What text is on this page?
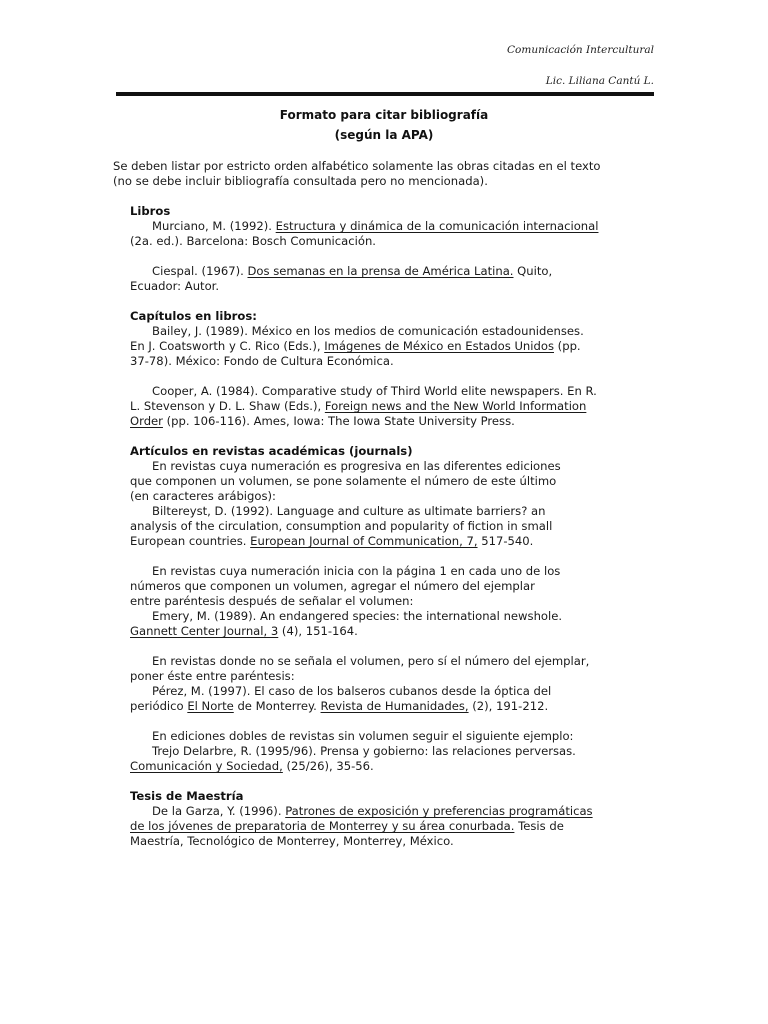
Comunicación Intercultural
Lic. Liliana Cantú L.
Formato para citar bibliografía
(según la APA)

Se deben listar por estricto orden alfabético solamente las obras citadas en el texto

(no se debe incluir bibliografía consultada pero no mencionada).

Libros

Murciano, M. (1992). Estructura y dinámica de la comunicación internacional

(2a. ed.). Barcelona: Bosch Comunicación.

Ciespal. (1967). Dos semanas en la prensa de América Latina. Quito,

Ecuador: Autor.

Capítulos en libros:

Bailey, J. (1989). México en los medios de comunicación estadounidenses.

En J. Coatsworth y C. Rico (Eds.), Imágenes de México en Estados Unidos (pp.

37-78). México: Fondo de Cultura Económica.

Cooper, A. (1984). Comparative study of Third World elite newspapers. En R.

L. Stevenson y D. L. Shaw (Eds.), Foreign news and the New World Information

Order (pp. 106-116). Ames, Iowa: The Iowa State University Press.

Artículos en revistas académicas (journals)

En revistas cuya numeración es progresiva en las diferentes ediciones

que componen un volumen, se pone solamente el número de este último

(en caracteres arábigos):

Biltereyst, D. (1992). Language and culture as ultimate barriers? an

analysis of the circulation, consumption and popularity of fiction in small

European countries. European Journal of Communication, 7, 517-540.

En revistas cuya numeración inicia con la página 1 en cada uno de los

números que componen un volumen, agregar el número del ejemplar

entre paréntesis después de señalar el volumen:

Emery, M. (1989). An endangered species: the international newshole.

Gannett Center Journal, 3 (4), 151-164.

En revistas donde no se señala el volumen, pero sí el número del ejemplar,

poner éste entre paréntesis:

Pérez, M. (1997). El caso de los balseros cubanos desde la óptica del

periódico El Norte de Monterrey. Revista de Humanidades, (2), 191-212.

En ediciones dobles de revistas sin volumen seguir el siguiente ejemplo:

Trejo Delarbre, R. (1995/96). Prensa y gobierno: las relaciones perversas.

Comunicación y Sociedad, (25/26), 35-56.

Tesis de Maestría

De la Garza, Y. (1996). Patrones de exposición y preferencias programáticas

de los jóvenes de preparatoria de Monterrey y su área conurbada. Tesis de

Maestría, Tecnológico de Monterrey, Monterrey, México.
